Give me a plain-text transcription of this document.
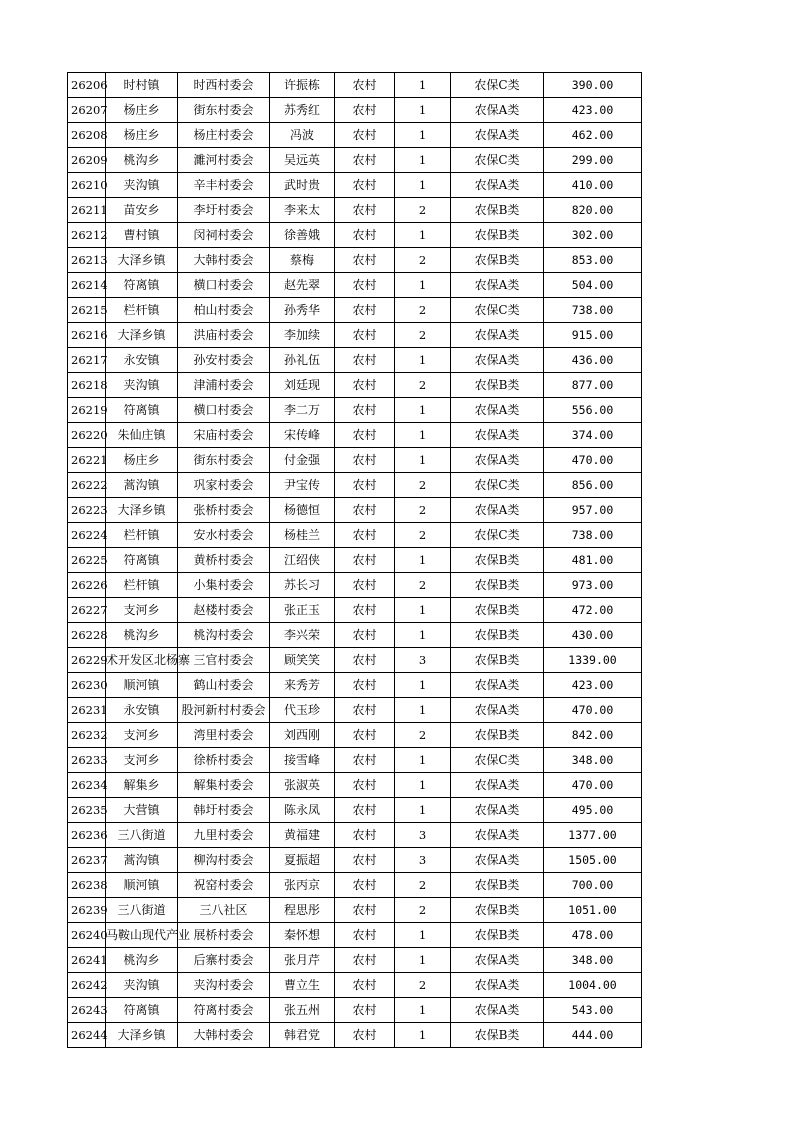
26206	时村镇	时西村委会	许振栋	农村	1	农保C类	390.00
26207	杨庄乡	街东村委会	苏秀红	农村	1	农保A类	423.00
26208	杨庄乡	杨庄村委会	冯波	农村	1	农保A类	462.00
26209	桃沟乡	濉河村委会	吴远英	农村	1	农保C类	299.00
26210	夹沟镇	辛丰村委会	武时贵	农村	1	农保A类	410.00
26211	苗安乡	李圩村委会	李来太	农村	2	农保B类	820.00
26212	曹村镇	闵祠村委会	徐善娥	农村	1	农保B类	302.00
26213	大泽乡镇	大韩村委会	蔡梅	农村	2	农保B类	853.00
26214	符离镇	横口村委会	赵先翠	农村	1	农保A类	504.00
26215	栏杆镇	柏山村委会	孙秀华	农村	2	农保C类	738.00
26216	大泽乡镇	洪庙村委会	李加续	农村	2	农保A类	915.00
26217	永安镇	孙安村委会	孙礼伍	农村	1	农保A类	436.00
26218	夹沟镇	津浦村委会	刘廷现	农村	2	农保B类	877.00
26219	符离镇	横口村委会	李二万	农村	1	农保A类	556.00
26220	朱仙庄镇	宋庙村委会	宋传峰	农村	1	农保A类	374.00
26221	杨庄乡	街东村委会	付金强	农村	1	农保A类	470.00
26222	蒿沟镇	巩家村委会	尹宝传	农村	2	农保C类	856.00
26223	大泽乡镇	张桥村委会	杨德恒	农村	2	农保A类	957.00
26224	栏杆镇	安水村委会	杨桂兰	农村	2	农保C类	738.00
26225	符离镇	黄桥村委会	江绍侠	农村	1	农保B类	481.00
26226	栏杆镇	小集村委会	苏长习	农村	2	农保B类	973.00
26227	支河乡	赵楼村委会	张正玉	农村	1	农保B类	472.00
26228	桃沟乡	桃沟村委会	李兴荣	农村	1	农保B类	430.00
26229	术开发区北杨寨	三官村委会	顾笑笑	农村	3	农保B类	1339.00
26230	顺河镇	鹤山村委会	来秀芳	农村	1	农保A类	423.00
26231	永安镇	股河新村村委会	代玉珍	农村	1	农保A类	470.00
26232	支河乡	湾里村委会	刘西刚	农村	2	农保B类	842.00
26233	支河乡	徐桥村委会	接雪峰	农村	1	农保C类	348.00
26234	解集乡	解集村委会	张淑英	农村	1	农保A类	470.00
26235	大营镇	韩圩村委会	陈永凤	农村	1	农保A类	495.00
26236	三八街道	九里村委会	黄福建	农村	3	农保A类	1377.00
26237	蒿沟镇	柳沟村委会	夏振超	农村	3	农保A类	1505.00
26238	顺河镇	祝窑村委会	张丙京	农村	2	农保B类	700.00
26239	三八街道	三八社区	程思彤	农村	2	农保B类	1051.00
26240	马鞍山现代产业	展桥村委会	秦怀想	农村	1	农保B类	478.00
26241	桃沟乡	后寨村委会	张月芹	农村	1	农保A类	348.00
26242	夹沟镇	夹沟村委会	曹立生	农村	2	农保A类	1004.00
26243	符离镇	符离村委会	张五州	农村	1	农保A类	543.00
26244	大泽乡镇	大韩村委会	韩君党	农村	1	农保B类	444.00
